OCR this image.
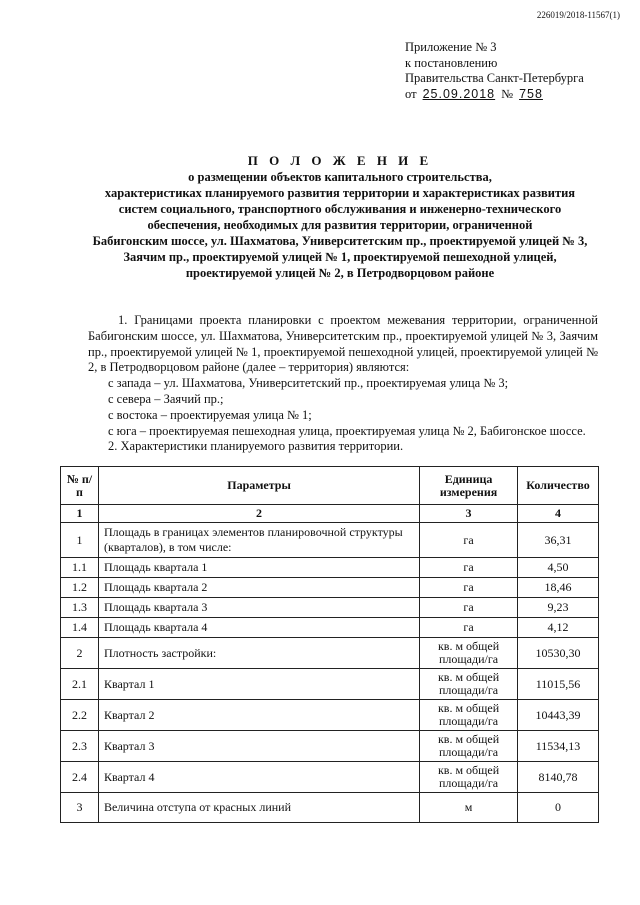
226019/2018-11567(1)
Приложение № 3
к постановлению
Правительства Санкт-Петербурга
от 25.09.2018 № 758
П О Л О Ж Е Н И Е
о размещении объектов капитального строительства,
характеристиках планируемого развития территории и характеристиках развития
систем социального, транспортного обслуживания и инженерно-технического
обеспечения, необходимых для развития территории, ограниченной
Бабигонским шоссе, ул. Шахматова, Университетским пр., проектируемой улицей № 3,
Заячим пр., проектируемой улицей № 1, проектируемой пешеходной улицей,
проектируемой улицей № 2, в Петродворцовом районе

1. Границами проекта планировки с проектом межевания территории, ограниченной Бабигонским шоссе, ул. Шахматова, Университетским пр., проектируемой улицей № 3, Заячим пр., проектируемой улицей № 1, проектируемой пешеходной улицей, проектируемой улицей № 2, в Петродворцовом районе (далее – территория) являются:

с запада – ул. Шахматова, Университетский пр., проектируемая улица № 3;

с севера – Заячий пр.;

с востока – проектируемая улица № 1;

с юга – проектируемая пешеходная улица, проектируемая улица № 2, Бабигонское шоссе.

2. Характеристики планируемого развития территории.

№ п/п	Параметры	Единица измерения	Количество
1	2	3	4
1	Площадь в границах элементов планировочной структуры (кварталов), в том числе:	га	36,31
1.1	Площадь квартала 1	га	4,50
1.2	Площадь квартала 2	га	18,46
1.3	Площадь квартала 3	га	9,23
1.4	Площадь квартала 4	га	4,12
2	Плотность застройки:	кв. м общей площади/га	10530,30
2.1	Квартал 1	кв. м общей площади/га	11015,56
2.2	Квартал 2	кв. м общей площади/га	10443,39
2.3	Квартал 3	кв. м общей площади/га	11534,13
2.4	Квартал 4	кв. м общей площади/га	8140,78
3	Величина отступа от красных линий	м	0
